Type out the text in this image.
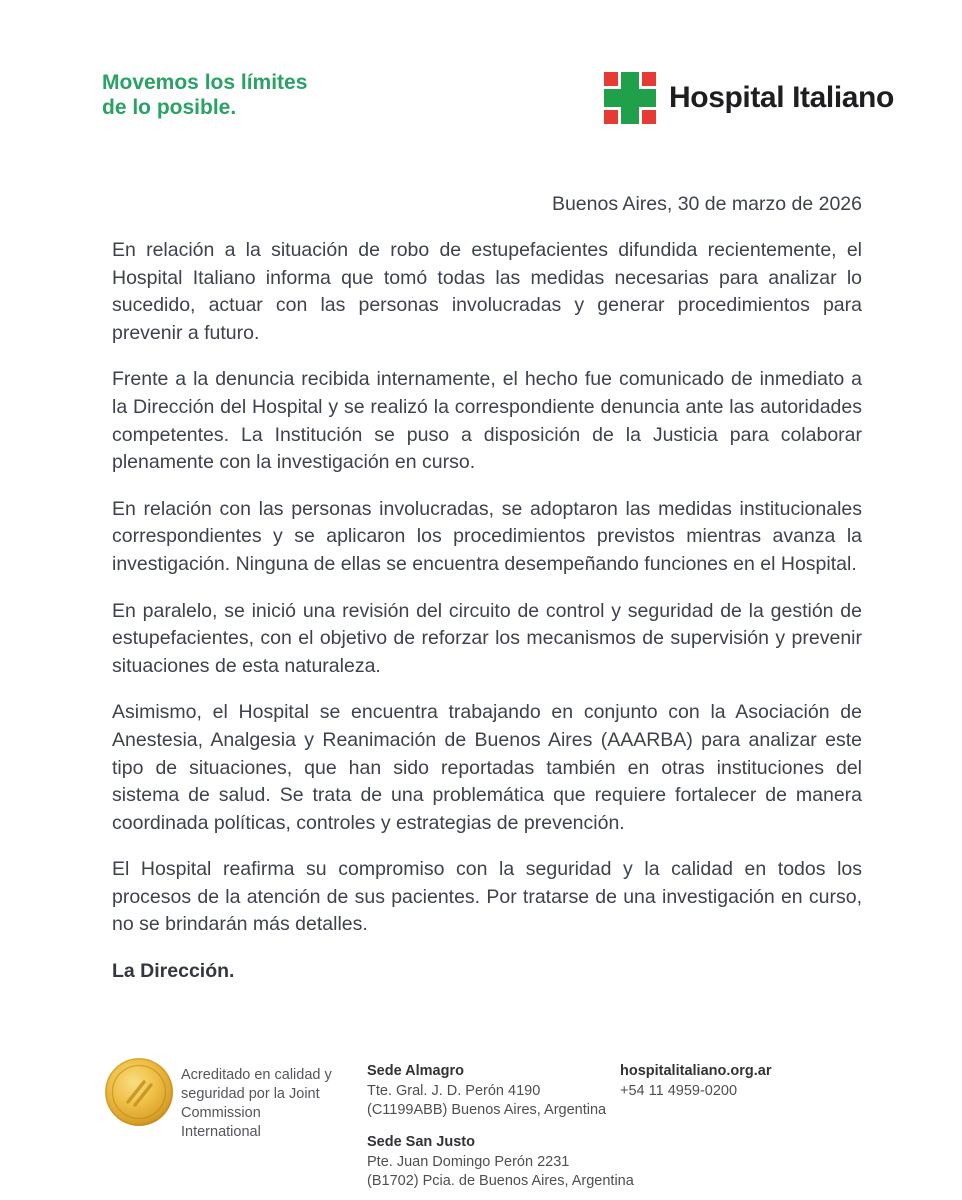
Movemos los límites
de lo posible.	Hospital Italiano
Buenos Aires, 30 de marzo de 2026

En relación a la situación de robo de estupefacientes difundida recientemente, el Hospital Italiano informa que tomó todas las medidas necesarias para analizar lo sucedido, actuar con las personas involucradas y generar procedimientos para prevenir a futuro.

Frente a la denuncia recibida internamente, el hecho fue comunicado de inmediato a la Dirección del Hospital y se realizó la correspondiente denuncia ante las autoridades competentes. La Institución se puso a disposición de la Justicia para colaborar plenamente con la investigación en curso.

En relación con las personas involucradas, se adoptaron las medidas institucionales correspondientes y se aplicaron los procedimientos previstos mientras avanza la investigación. Ninguna de ellas se encuentra desempeñando funciones en el Hospital.

En paralelo, se inició una revisión del circuito de control y seguridad de la gestión de estupefacientes, con el objetivo de reforzar los mecanismos de supervisión y prevenir situaciones de esta naturaleza.

Asimismo, el Hospital se encuentra trabajando en conjunto con la Asociación de Anestesia, Analgesia y Reanimación de Buenos Aires (AAARBA) para analizar este tipo de situaciones, que han sido reportadas también en otras instituciones del sistema de salud. Se trata de una problemática que requiere fortalecer de manera coordinada políticas, controles y estrategias de prevención.

El Hospital reafirma su compromiso con la seguridad y la calidad en todos los procesos de la atención de sus pacientes. Por tratarse de una investigación en curso, no se brindarán más detalles.

La Dirección.

Acreditado en calidad y seguridad por la Joint Commission International
Sede Almagro
Tte. Gral. J. D. Perón 4190
(C1199ABB) Buenos Aires, Argentina
Sede San Justo
Pte. Juan Domingo Perón 2231
(B1702) Pcia. de Buenos Aires, Argentina
hospitalitaliano.org.ar
+54 11 4959-0200
